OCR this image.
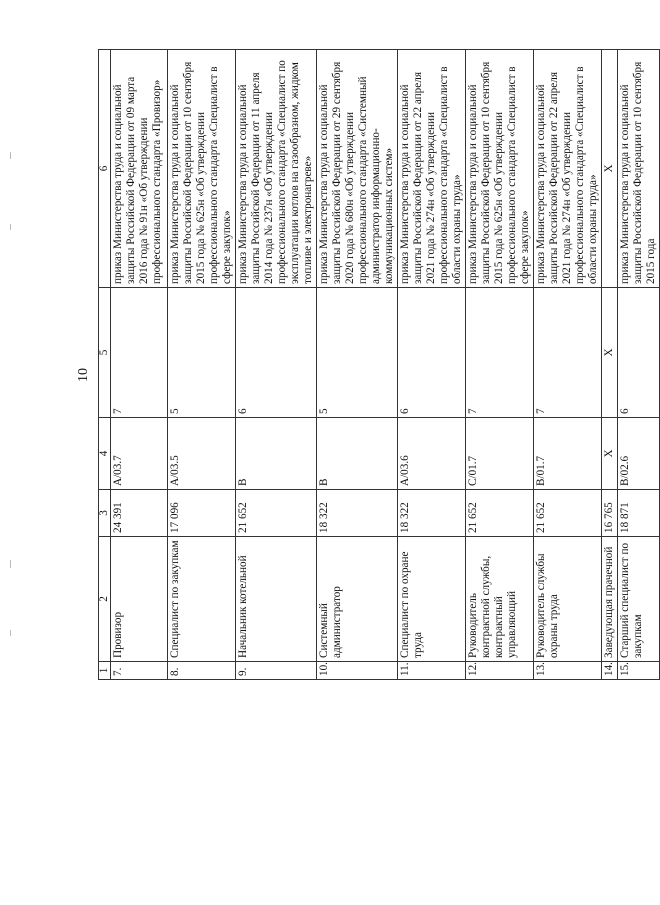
10
1	2	3	4	5	6
7.	Провизор	24 391	A/03.7	7	приказ Министерства труда и социальной защиты Российской Федерации от 09 марта 2016 года № 91н «Об утверждении профессионального стандарта «Провизор»
8.	Специалист по закупкам	17 096	A/03.5	5	приказ Министерства труда и социальной защиты Российской Федерации от 10 сентября 2015 года № 625н «Об утверждении профессионального стандарта «Специалист в сфере закупок»
9.	Начальник котельной	21 652	B	6	приказ Министерства труда и социальной защиты Российской Федерации от 11 апреля 2014 года № 237н «Об утверждении профессионального стандарта «Специалист по эксплуатации котлов на газообразном, жидком топливе и электронагреве»
10.	Системный администратор	18 322	B	5	приказ Министерства труда и социальной защиты Российской Федерации от 29 сентября 2020 года № 680н «Об утверждении профессионального стандарта «Системный администратор информационно-коммуникационных систем»
11.	Специалист по охране труда	18 322	A/03.6	6	приказ Министерства труда и социальной защиты Российской Федерации от 22 апреля 2021 года № 274н «Об утверждении профессионального стандарта «Специалист в области охраны труда»
12.	Руководитель контрактной службы, контрактный управляющий	21 652	C/01.7	7	приказ Министерства труда и социальной защиты Российской Федерации от 10 сентября 2015 года № 625н «Об утверждении профессионального стандарта «Специалист в сфере закупок»
13.	Руководитель службы охраны труда	21 652	B/01.7	7	приказ Министерства труда и социальной защиты Российской Федерации от 22 апреля 2021 года № 274н «Об утверждении профессионального стандарта «Специалист в области охраны труда»
14.	Заведующая прачечной	16 765	X	X	X
15.	Старший специалист по закупкам	18 871	B/02.6	6	приказ Министерства труда и социальной защиты Российской Федерации от 10 сентября 2015 года
